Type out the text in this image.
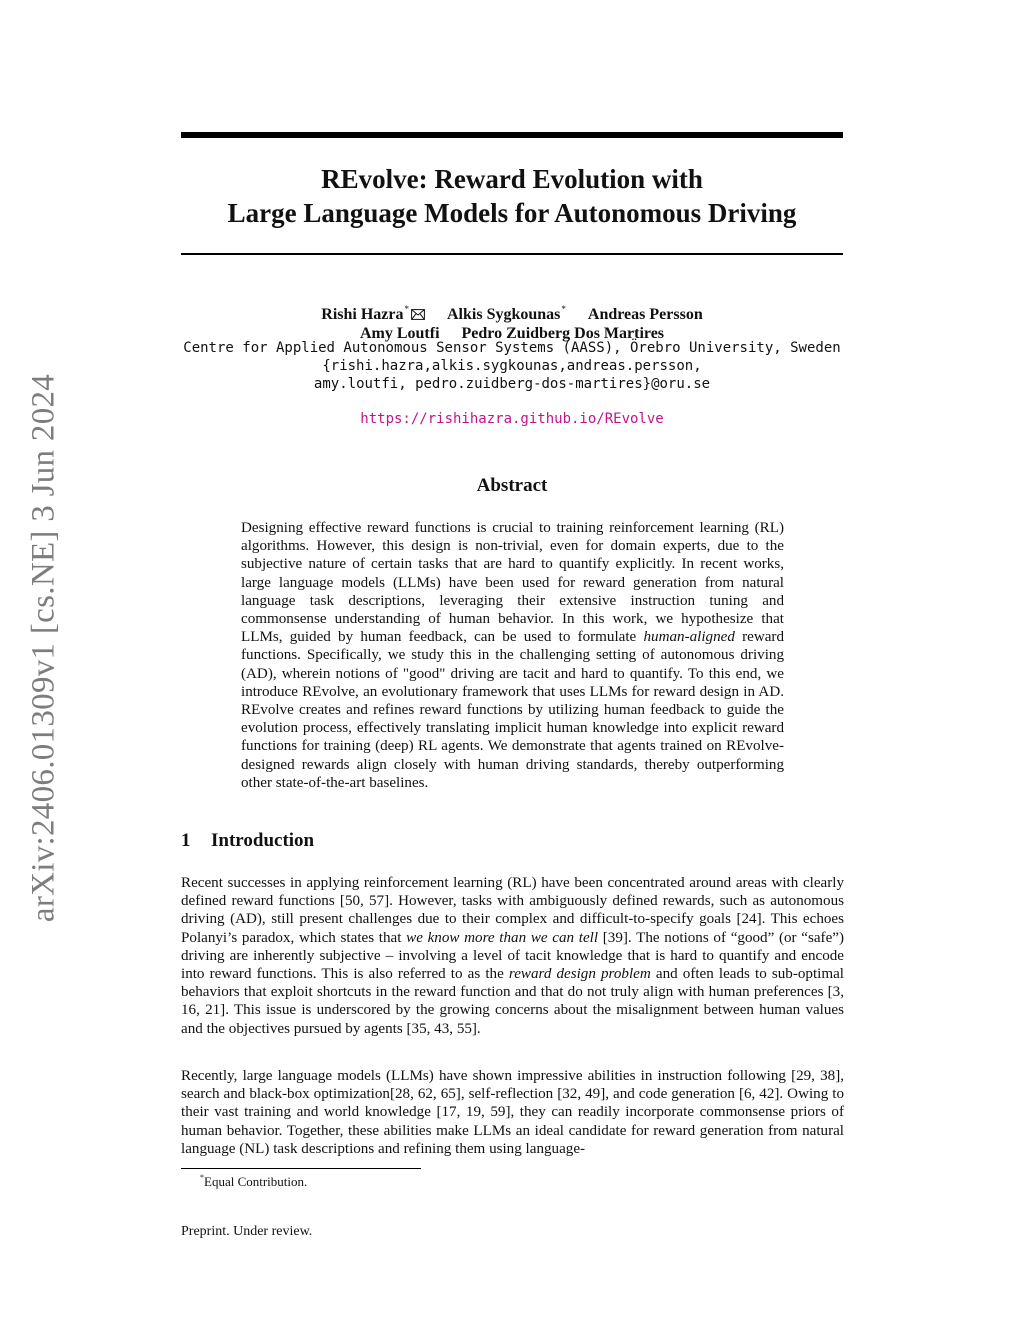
arXiv:2406.01309v1 [cs.NE] 3 Jun 2024
REvolve: Reward Evolution with
Large Language Models for Autonomous Driving
Rishi Hazra* Alkis Sygkounas* Andreas Persson
Amy Loutfi Pedro Zuidberg Dos Martires
Centre for Applied Autonomous Sensor Systems (AASS), Örebro University, Sweden
{rishi.hazra,alkis.sygkounas,andreas.persson,
amy.loutfi, pedro.zuidberg-dos-martires}@oru.se
https://rishihazra.github.io/REvolve
Abstract
Designing effective reward functions is crucial to training reinforcement learning (RL) algorithms. However, this design is non-trivial, even for domain experts, due to the subjective nature of certain tasks that are hard to quantify explicitly. In recent works, large language models (LLMs) have been used for reward generation from natural language task descriptions, leveraging their extensive instruction tuning and commonsense understanding of human behavior. In this work, we hypothesize that LLMs, guided by human feedback, can be used to formulate human-aligned reward functions. Specifically, we study this in the challenging setting of autonomous driving (AD), wherein notions of "good" driving are tacit and hard to quantify. To this end, we introduce REvolve, an evolutionary framework that uses LLMs for reward design in AD. REvolve creates and refines reward functions by utilizing human feedback to guide the evolution process, effectively translating implicit human knowledge into explicit reward functions for training (deep) RL agents. We demonstrate that agents trained on REvolve-designed rewards align closely with human driving standards, thereby outperforming other state-of-the-art baselines.
1 Introduction
Recent successes in applying reinforcement learning (RL) have been concentrated around areas with clearly defined reward functions [50, 57]. However, tasks with ambiguously defined rewards, such as autonomous driving (AD), still present challenges due to their complex and difficult-to-specify goals [24]. This echoes Polanyi’s paradox, which states that we know more than we can tell [39]. The notions of “good” (or “safe”) driving are inherently subjective – involving a level of tacit knowledge that is hard to quantify and encode into reward functions. This is also referred to as the reward design problem and often leads to sub-optimal behaviors that exploit shortcuts in the reward function and that do not truly align with human preferences [3, 16, 21]. This issue is underscored by the growing concerns about the misalignment between human values and the objectives pursued by agents [35, 43, 55].
Recently, large language models (LLMs) have shown impressive abilities in instruction following [29, 38], search and black-box optimization[28, 62, 65], self-reflection [32, 49], and code generation [6, 42]. Owing to their vast training and world knowledge [17, 19, 59], they can readily incorporate commonsense priors of human behavior. Together, these abilities make LLMs an ideal candidate for reward generation from natural language (NL) task descriptions and refining them using language-
*Equal Contribution.
Preprint. Under review.
